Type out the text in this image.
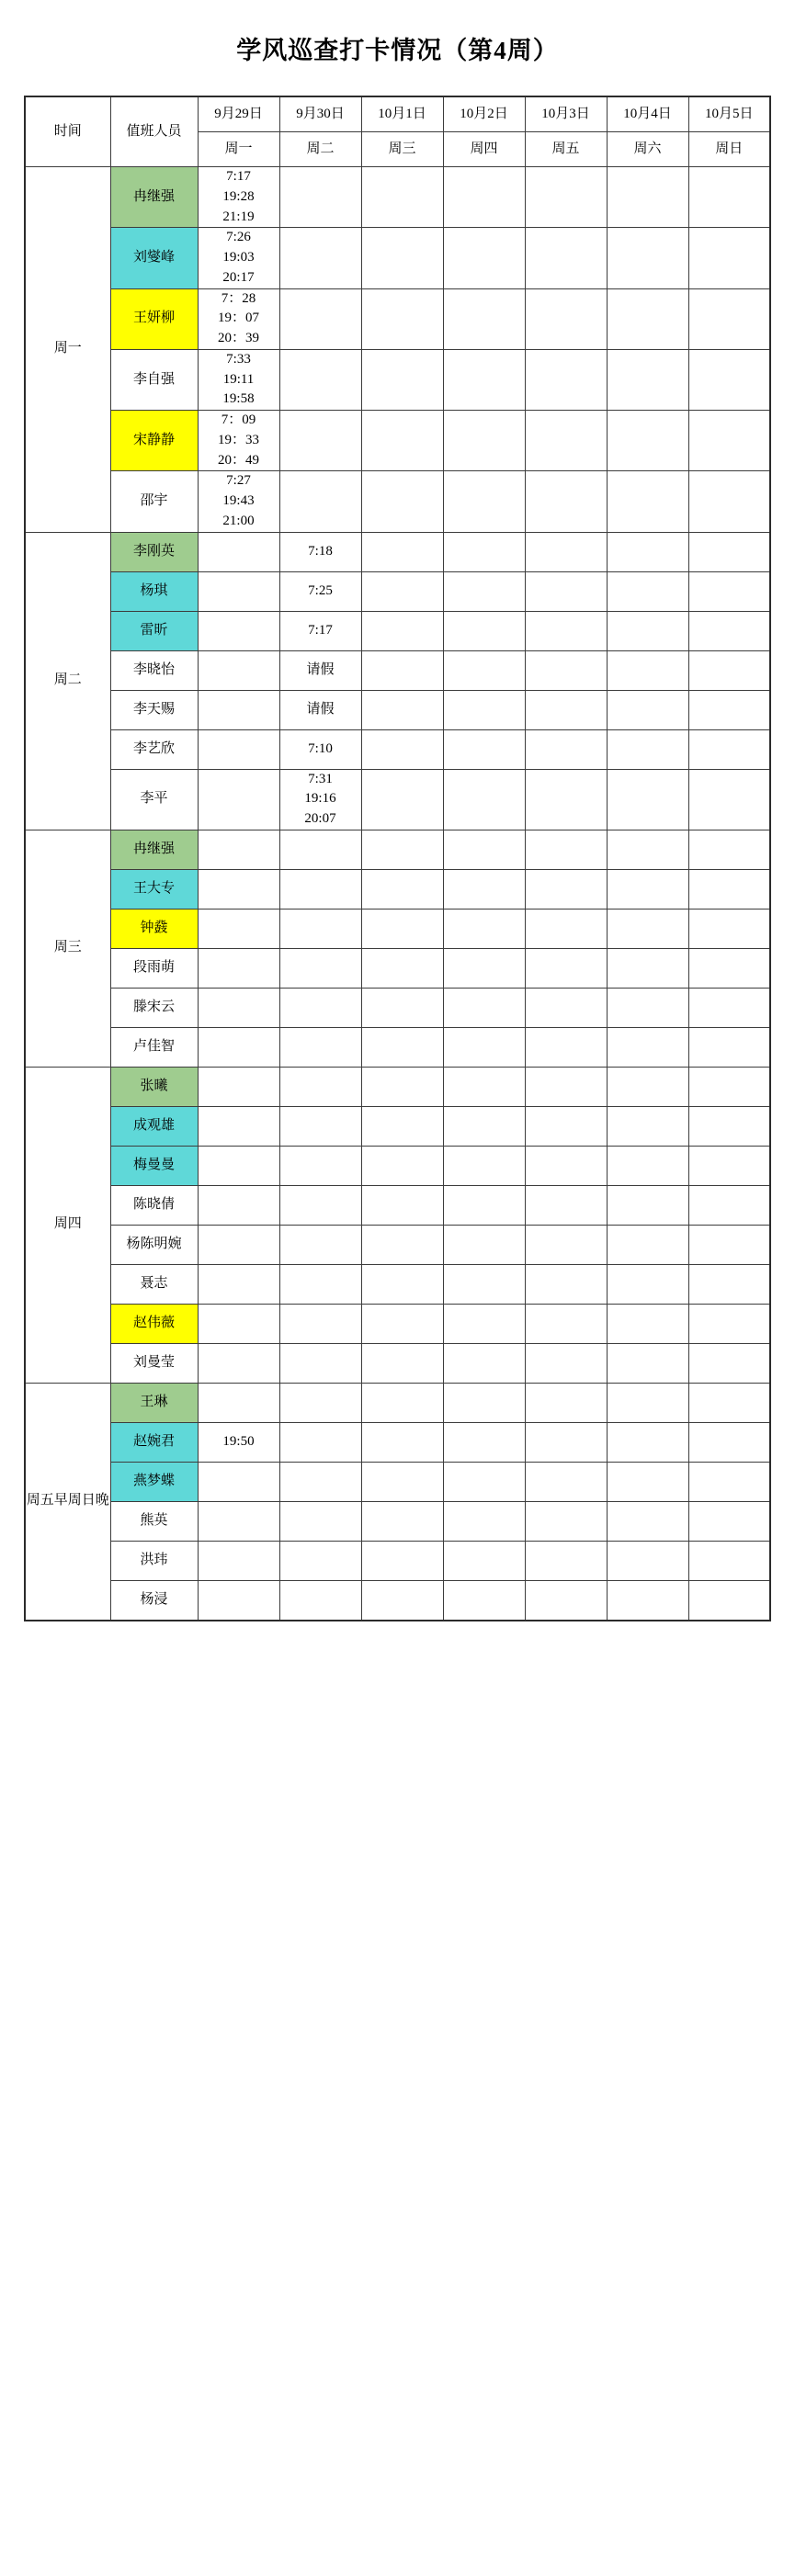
学风巡查打卡情况（第4周）
时间	值班人员	9月29日	9月30日	10月1日	10月2日	10月3日	10月4日	10月5日
		周一	周二	周三	周四	周五	周六	周日
周一	冉继强	7:17
19:28
21:19						

	刘燮峰	7:26
19:03
20:17						

	王妍柳	7：28
19：07
20：39						

	李自强	7:33
19:11
19:58						

	宋静静	7：09
19：33
20：49						

	邵宇	7:27
19:43
21:00						

周二	李刚英		7:18					
	杨琪		7:25					
	雷昕		7:17					
	李晓怡		请假					
	李天赐		请假					
	李艺欣		7:10					
	李平		7:31
19:16
20:07					

周三	冉继强							
	王大专							
	钟鼗							
	段雨萌							
	滕宋云							
	卢佳智							
周四	张曦							
	成观雄							
	梅曼曼							
	陈晓倩							
	杨陈明婉							
	聂志							
	赵伟薇							
	刘曼莹							
周五早周日晚	王琳							
	赵婉君	19:50						
	燕梦蝶							
	熊英							
	洪玮							
	杨浸							
